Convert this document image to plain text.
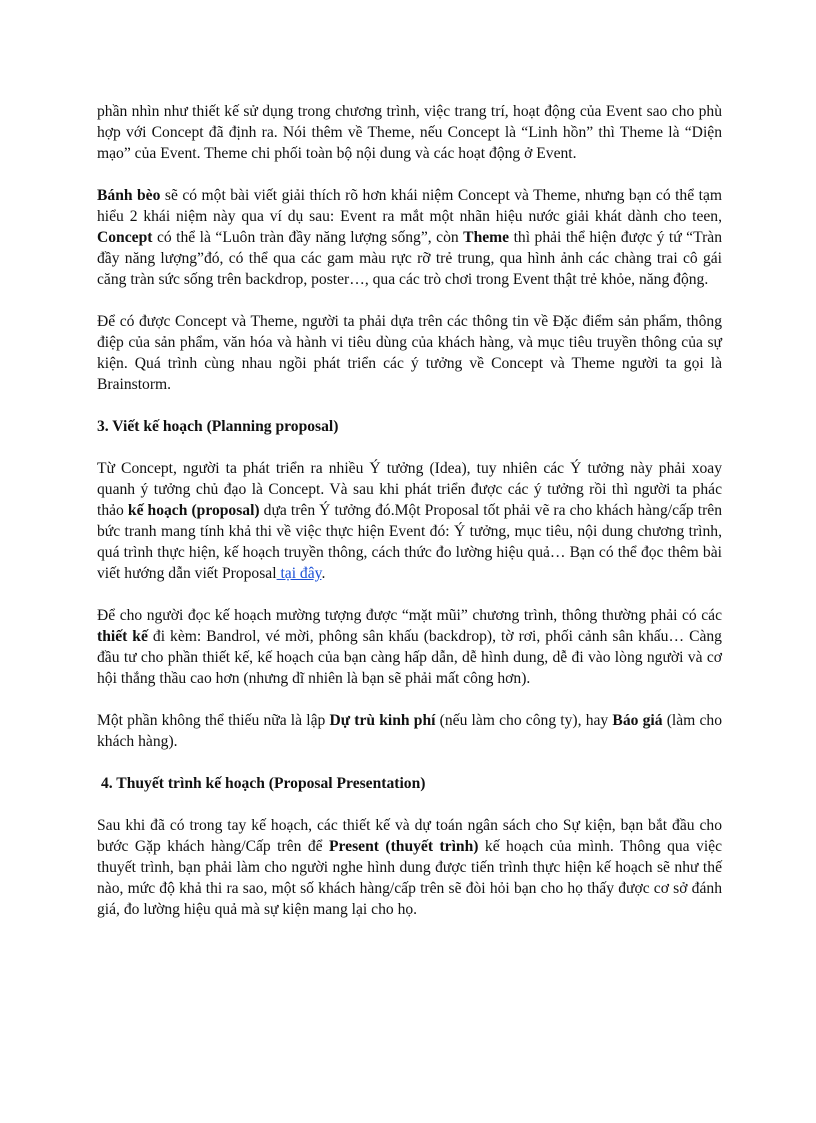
phần nhìn như thiết kế sử dụng trong chương trình, việc trang trí, hoạt động của Event sao cho phù hợp với Concept đã định ra. Nói thêm về Theme, nếu Concept là “Linh hồn” thì Theme là “Diện mạo” của Event. Theme chi phối toàn bộ nội dung và các hoạt động ở Event.

Bánh bèo sẽ có một bài viết giải thích rõ hơn khái niệm Concept và Theme, nhưng bạn có thể tạm hiểu 2 khái niệm này qua ví dụ sau: Event ra mắt một nhãn hiệu nước giải khát dành cho teen, Concept có thể là “Luôn tràn đầy năng lượng sống”, còn Theme thì phải thể hiện được ý tứ “Tràn đầy năng lượng”đó, có thể qua các gam màu rực rỡ trẻ trung, qua hình ảnh các chàng trai cô gái căng tràn sức sống trên backdrop, poster…, qua các trò chơi trong Event thật trẻ khỏe, năng động.

Để có được Concept và Theme, người ta phải dựa trên các thông tin về Đặc điểm sản phẩm, thông điệp của sản phẩm, văn hóa và hành vi tiêu dùng của khách hàng, và mục tiêu truyền thông của sự kiện. Quá trình cùng nhau ngồi phát triển các ý tưởng về Concept và Theme người ta gọi là Brainstorm.

3. Viết kế hoạch (Planning proposal)

Từ Concept, người ta phát triển ra nhiều Ý tưởng (Idea), tuy nhiên các Ý tưởng này phải xoay quanh ý tưởng chủ đạo là Concept. Và sau khi phát triển được các ý tưởng rồi thì người ta phác thảo kế hoạch (proposal) dựa trên Ý tưởng đó.Một Proposal tốt phải vẽ ra cho khách hàng/cấp trên bức tranh mang tính khả thi về việc thực hiện Event đó: Ý tưởng, mục tiêu, nội dung chương trình, quá trình thực hiện, kế hoạch truyền thông, cách thức đo lường hiệu quả… Bạn có thể đọc thêm bài viết hướng dẫn viết Proposal tại đây.

Để cho người đọc kế hoạch mường tượng được “mặt mũi” chương trình, thông thường phải có các thiết kế đi kèm: Bandrol, vé mời, phông sân khấu (backdrop), tờ rơi, phối cảnh sân khấu… Càng đầu tư cho phần thiết kế, kế hoạch của bạn càng hấp dẫn, dễ hình dung, dễ đi vào lòng người và cơ hội thắng thầu cao hơn (nhưng dĩ nhiên là bạn sẽ phải mất công hơn).

Một phần không thể thiếu nữa là lập Dự trù kinh phí (nếu làm cho công ty), hay Báo giá (làm cho khách hàng).

4. Thuyết trình kế hoạch (Proposal Presentation)

Sau khi đã có trong tay kế hoạch, các thiết kế và dự toán ngân sách cho Sự kiện, bạn bắt đầu cho bước Gặp khách hàng/Cấp trên để Present (thuyết trình) kế hoạch của mình. Thông qua việc thuyết trình, bạn phải làm cho người nghe hình dung được tiến trình thực hiện kế hoạch sẽ như thế nào, mức độ khả thi ra sao, một số khách hàng/cấp trên sẽ đòi hỏi bạn cho họ thấy được cơ sở đánh giá, đo lường hiệu quả mà sự kiện mang lại cho họ.
